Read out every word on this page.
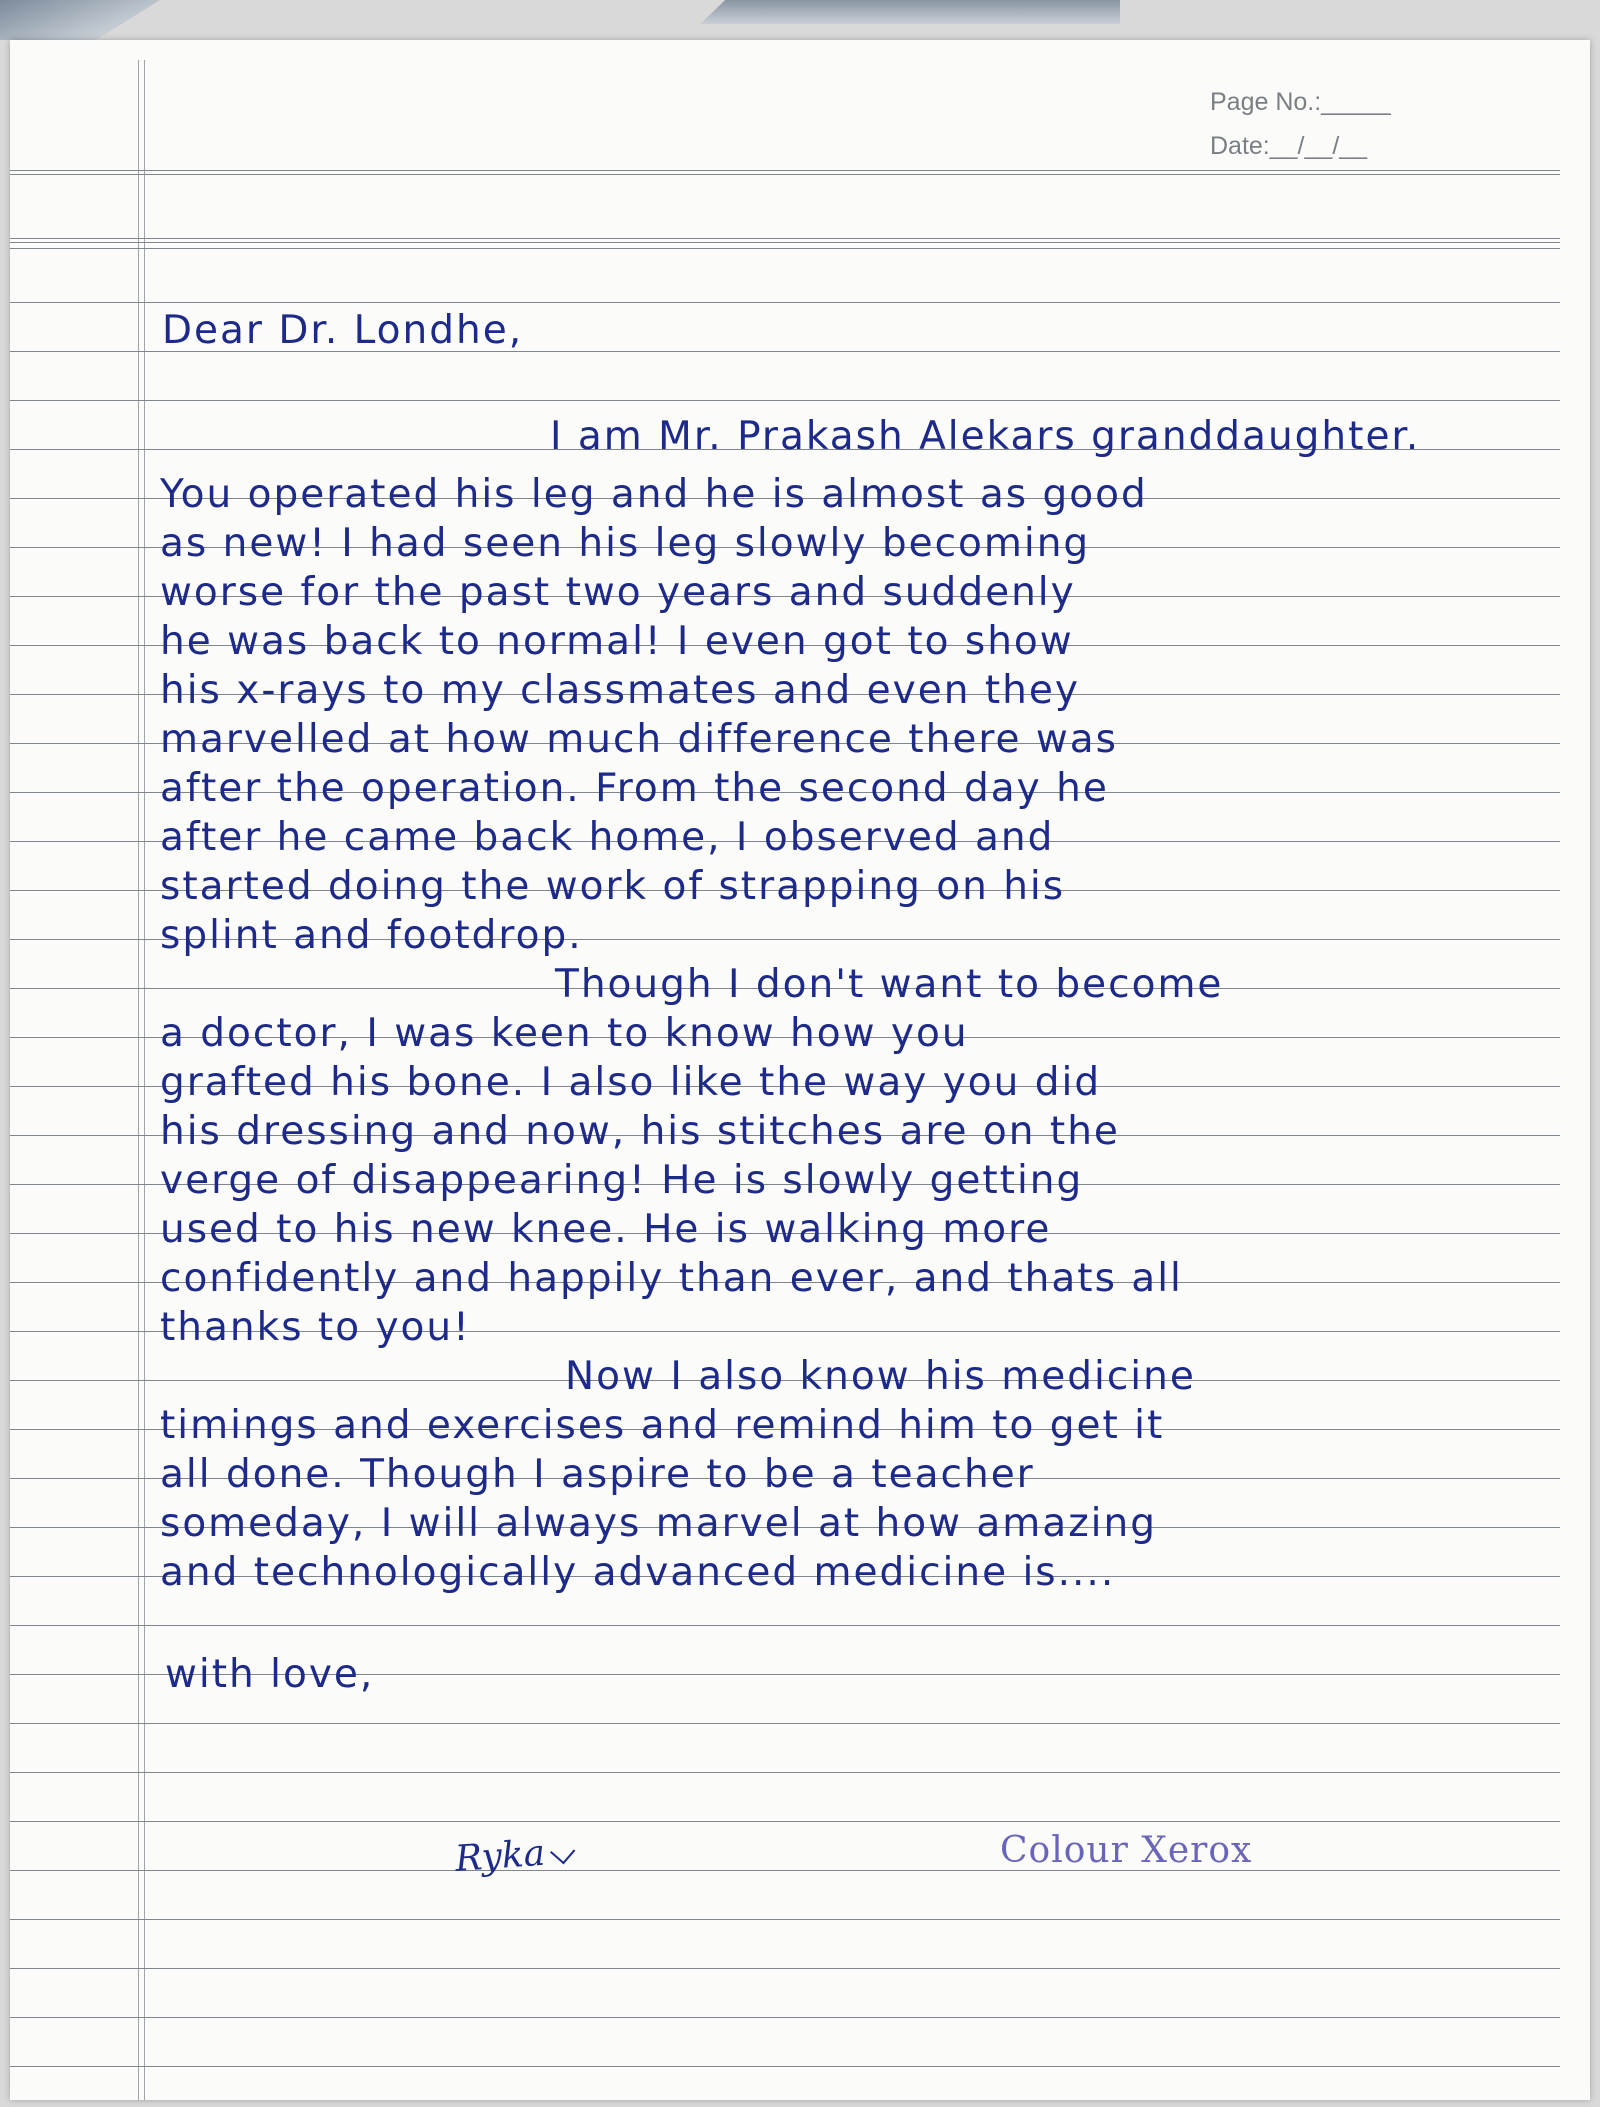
Page No.:_____
Date:__/__/__
Dear Dr. Londhe,
I am Mr. Prakash Alekars granddaughter.
You operated his leg and he is almost as good
as new! I had seen his leg slowly becoming
worse for the past two years and suddenly
he was back to normal! I even got to show
his x-rays to my classmates and even they
marvelled at how much difference there was
after the operation. From the second day he
after he came back home, I observed and
started doing the work of strapping on his
splint and footdrop.
Though I don't want to become
a doctor, I was keen to know how you
grafted his bone. I also like the way you did
his dressing and now, his stitches are on the
verge of disappearing! He is slowly getting
used to his new knee. He is walking more
confidently and happily than ever, and thats all
thanks to you!
Now I also know his medicine
timings and exercises and remind him to get it
all done. Though I aspire to be a teacher
someday, I will always marvel at how amazing
and technologically advanced medicine is....
with love,
Ryka	Colour Xerox
